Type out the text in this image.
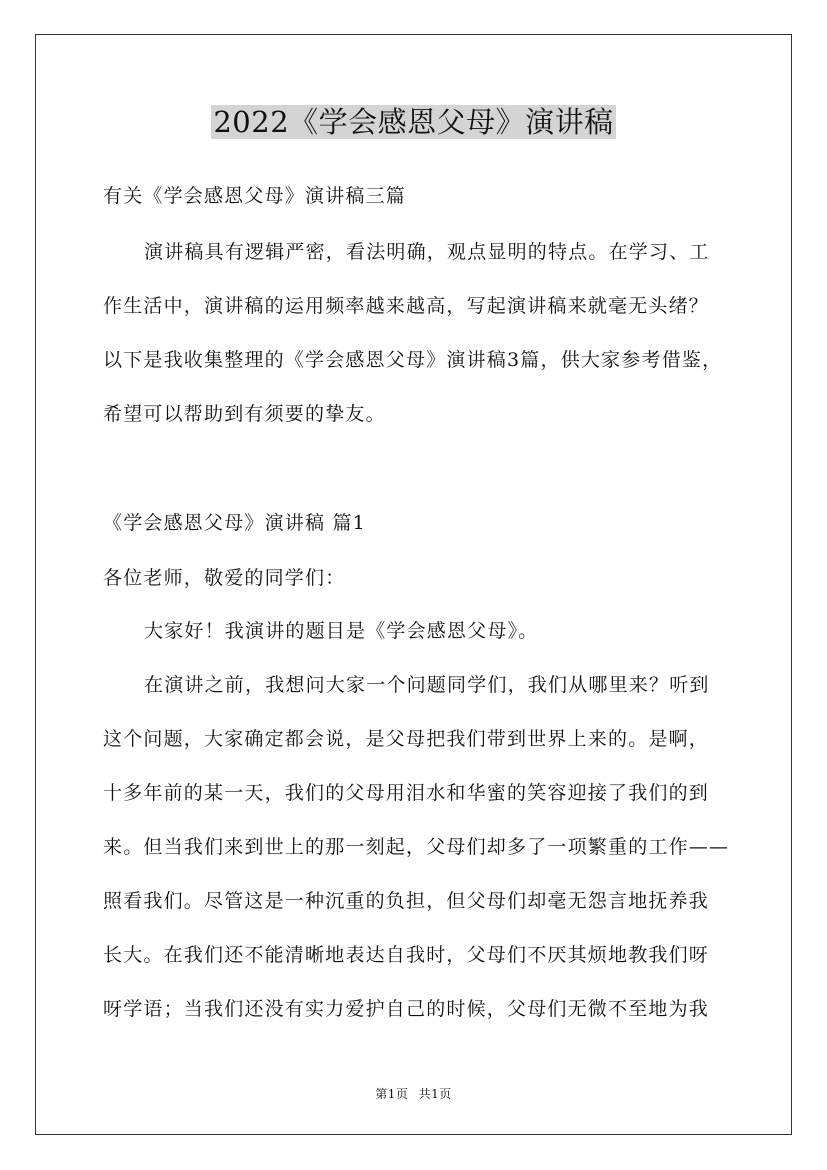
2022《学会感恩父母》演讲稿
有关《学会感恩父母》演讲稿三篇
演讲稿具有逻辑严密，看法明确，观点显明的特点。在学习、工
作生活中，演讲稿的运用频率越来越高，写起演讲稿来就毫无头绪？
以下是我收集整理的《学会感恩父母》演讲稿3篇，供大家参考借鉴，
希望可以帮助到有须要的挚友。
《学会感恩父母》演讲稿 篇1
各位老师，敬爱的同学们：
大家好！我演讲的题目是《学会感恩父母》。
在演讲之前，我想问大家一个问题同学们，我们从哪里来？听到
这个问题，大家确定都会说，是父母把我们带到世界上来的。是啊，
十多年前的某一天，我们的父母用泪水和华蜜的笑容迎接了我们的到
来。但当我们来到世上的那一刻起，父母们却多了一项繁重的工作——
照看我们。尽管这是一种沉重的负担，但父母们却毫无怨言地抚养我
长大。在我们还不能清晰地表达自我时，父母们不厌其烦地教我们呀
呀学语；当我们还没有实力爱护自己的时候，父母们无微不至地为我
第1页 共1页
